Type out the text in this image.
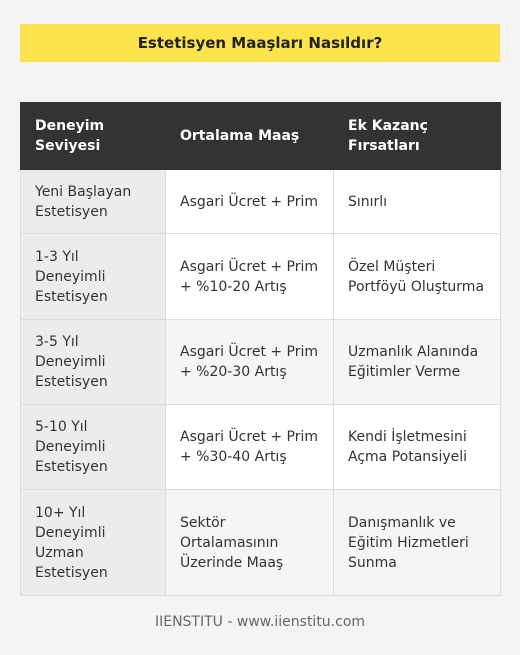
Estetisyen Maaşları Nasıldır?
Deneyim Seviyesi	Ortalama Maaş	Ek Kazanç Fırsatları
Yeni Başlayan Estetisyen	Asgari Ücret + Prim	Sınırlı
1-3 Yıl Deneyimli Estetisyen	Asgari Ücret + Prim + %10-20 Artış	Özel Müşteri Portföyü Oluşturma
3-5 Yıl Deneyimli Estetisyen	Asgari Ücret + Prim + %20-30 Artış	Uzmanlık Alanında Eğitimler Verme
5-10 Yıl Deneyimli Estetisyen	Asgari Ücret + Prim + %30-40 Artış	Kendi İşletmesini Açma Potansiyeli
10+ Yıl Deneyimli Uzman Estetisyen	Sektör Ortalamasının Üzerinde Maaş	Danışmanlık ve Eğitim Hizmetleri Sunma
IIENSTITU - www.iienstitu.com
